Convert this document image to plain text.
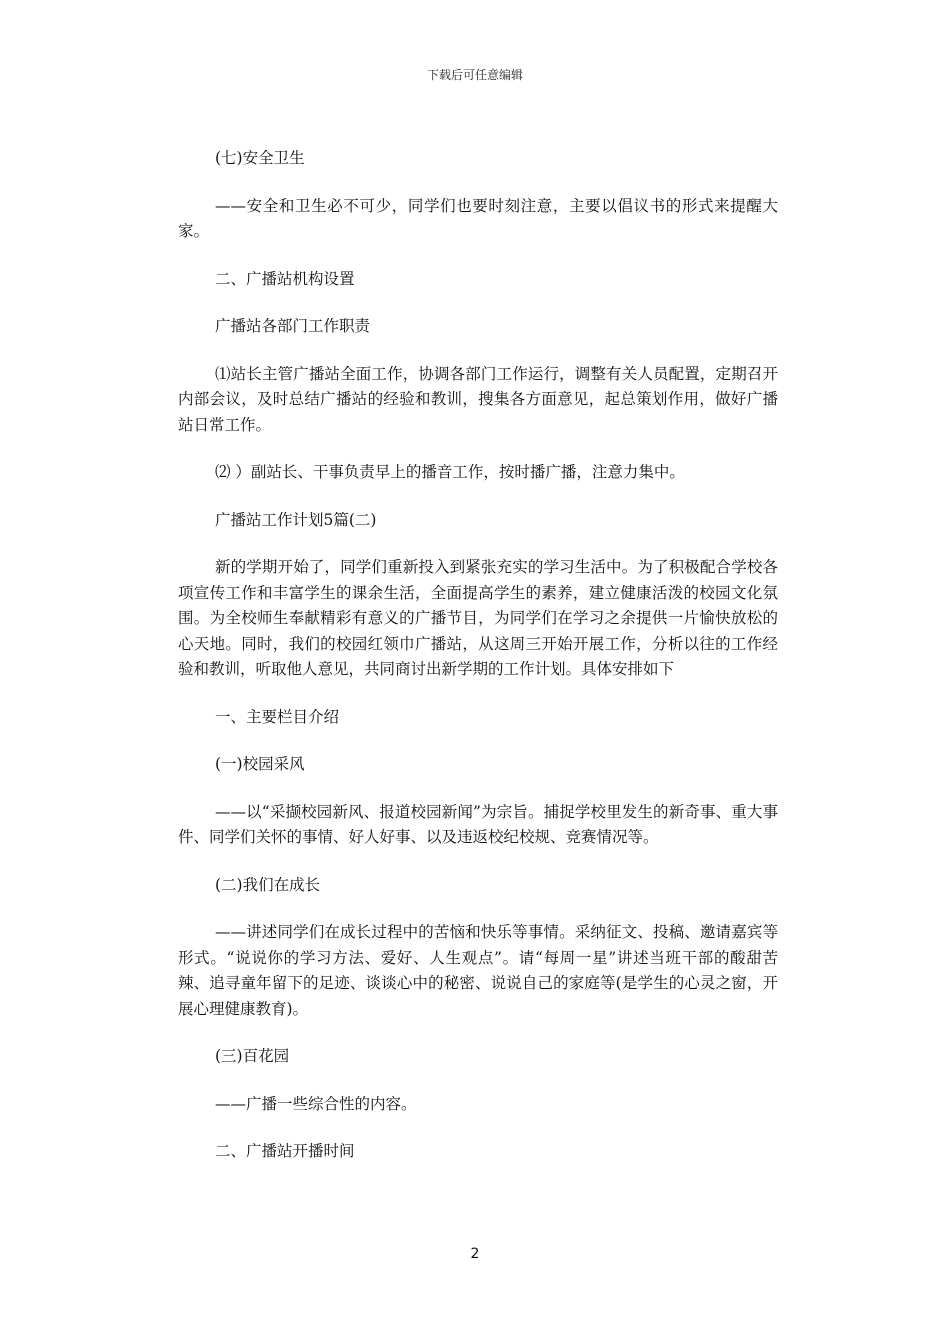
下载后可任意编辑

(七)安全卫生

——安全和卫生必不可少，同学们也要时刻注意，主要以倡议书的形式来提醒大家。

二、广播站机构设置

广播站各部门工作职责

⑴站长主管广播站全面工作，协调各部门工作运行，调整有关人员配置，定期召开内部会议，及时总结广播站的经验和教训，搜集各方面意见，起总策划作用，做好广播站日常工作。

⑵ ）副站长、干事负责早上的播音工作，按时播广播，注意力集中。

广播站工作计划5篇(二)

新的学期开始了，同学们重新投入到紧张充实的学习生活中。为了积极配合学校各项宣传工作和丰富学生的课余生活，全面提高学生的素养，建立健康活泼的校园文化氛围。为全校师生奉献精彩有意义的广播节目，为同学们在学习之余提供一片愉快放松的心天地。同时，我们的校园红领巾广播站，从这周三开始开展工作，分析以往的工作经验和教训，听取他人意见，共同商讨出新学期的工作计划。具体安排如下

一、主要栏目介绍

(一)校园采风

——以“采撷校园新风、报道校园新闻”为宗旨。捕捉学校里发生的新奇事、重大事件、同学们关怀的事情、好人好事、以及违返校纪校规、竞赛情况等。

(二)我们在成长

——讲述同学们在成长过程中的苦恼和快乐等事情。采纳征文、投稿、邀请嘉宾等形式。“说说你的学习方法、爱好、人生观点”。请“每周一星”讲述当班干部的酸甜苦辣、追寻童年留下的足迹、谈谈心中的秘密、说说自己的家庭等(是学生的心灵之窗，开展心理健康教育)。

(三)百花园

——广播一些综合性的内容。

二、广播站开播时间

2
